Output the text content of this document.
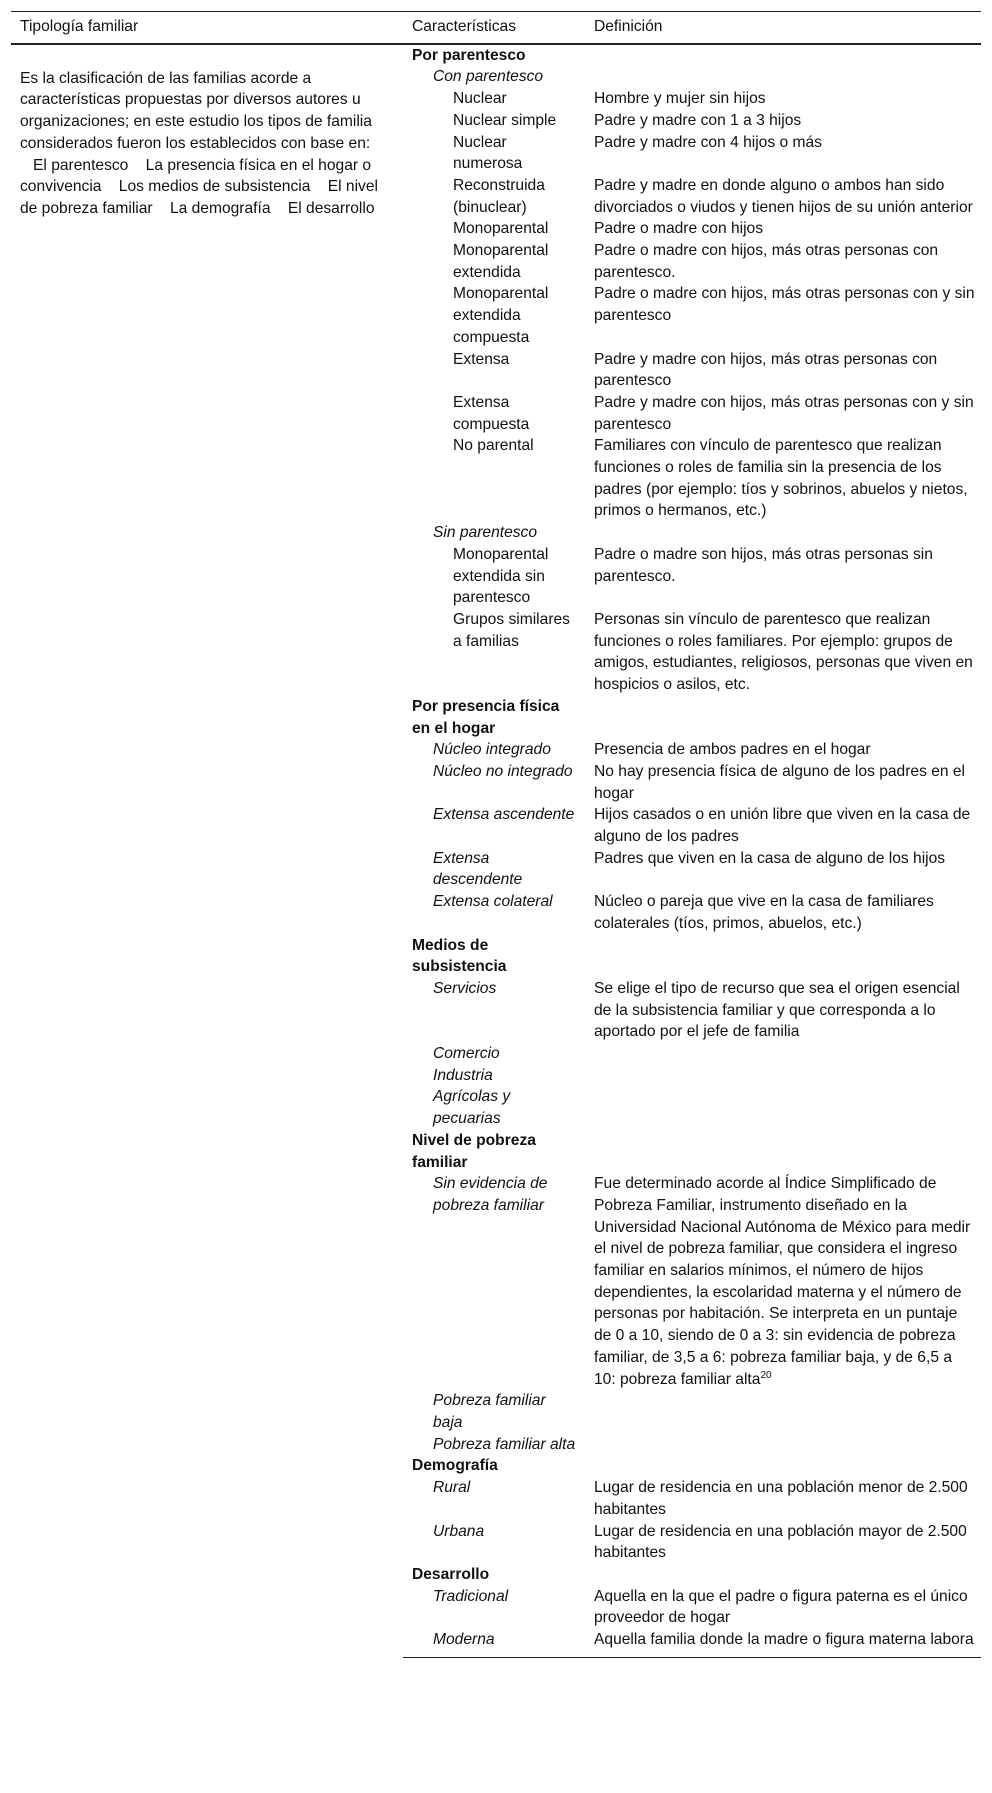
Tipología familiar	Características	Definición
Es la clasificación de las familias acorde a características propuestas por diversos autores u organizaciones; en este estudio los tipos de familia considerados fueron los establecidos con base en:    El parentesco    La presencia física en el hogar o convivencia    Los medios de subsistencia    El nivel de pobreza familiar    La demografía    El desarrollo	Por parentesco	

	Con parentesco	

	Nuclear	Hombre y mujer sin hijos

	Nuclear simple	Padre y madre con 1 a 3 hijos

	Nuclear numerosa	Padre y madre con 4 hijos o más

	Reconstruida (binuclear)	Padre y madre en donde alguno o ambos han sido divorciados o viudos y tienen hijos de su unión anterior

	Monoparental	Padre o madre con hijos

	Monoparental extendida	Padre o madre con hijos, más otras personas con parentesco.

	Monoparental extendida compuesta	Padre o madre con hijos, más otras personas con y sin parentesco

	Extensa	Padre y madre con hijos, más otras personas con parentesco

	Extensa compuesta	Padre y madre con hijos, más otras personas con y sin parentesco

	No parental	Familiares con vínculo de parentesco que realizan funciones o roles de familia sin la presencia de los padres (por ejemplo: tíos y sobrinos, abuelos y nietos, primos o hermanos, etc.)

	Sin parentesco	

	Monoparental extendida sin parentesco	Padre o madre son hijos, más otras personas sin parentesco.

	Grupos similares a familias	Personas sin vínculo de parentesco que realizan funciones o roles familiares. Por ejemplo: grupos de amigos, estudiantes, religiosos, personas que viven en hospicios o asilos, etc.

	Por presencia física en el hogar	

	Núcleo integrado	Presencia de ambos padres en el hogar

	Núcleo no integrado	No hay presencia física de alguno de los padres en el hogar

	Extensa ascendente	Hijos casados o en unión libre que viven en la casa de alguno de los padres

	Extensa descendente	Padres que viven en la casa de alguno de los hijos

	Extensa colateral	Núcleo o pareja que vive en la casa de familiares colaterales (tíos, primos, abuelos, etc.)

	Medios de subsistencia	

	Servicios	Se elige el tipo de recurso que sea el origen esencial de la subsistencia familiar y que corresponda a lo aportado por el jefe de familia

	Comercio	

	Industria	

	Agrícolas y pecuarias	

	Nivel de pobreza familiar	

	Sin evidencia de pobreza familiar	Fue determinado acorde al Índice Simplificado de Pobreza Familiar, instrumento diseñado en la Universidad Nacional Autónoma de México para medir el nivel de pobreza familiar, que considera el ingreso familiar en salarios mínimos, el número de hijos dependientes, la escolaridad materna y el número de personas por habitación. Se interpreta en un puntaje de 0 a 10, siendo de 0 a 3: sin evidencia de pobreza familiar, de 3,5 a 6: pobreza familiar baja, y de 6,5 a 10: pobreza familiar alta$^{20}$

	Pobreza familiar baja	

	Pobreza familiar alta	

	Demografía	

	Rural	Lugar de residencia en una población menor de 2.500 habitantes

	Urbana	Lugar de residencia en una población mayor de 2.500 habitantes

	Desarrollo	

	Tradicional	Aquella en la que el padre o figura paterna es el único proveedor de hogar

	Moderna	Aquella familia donde la madre o figura materna labora
